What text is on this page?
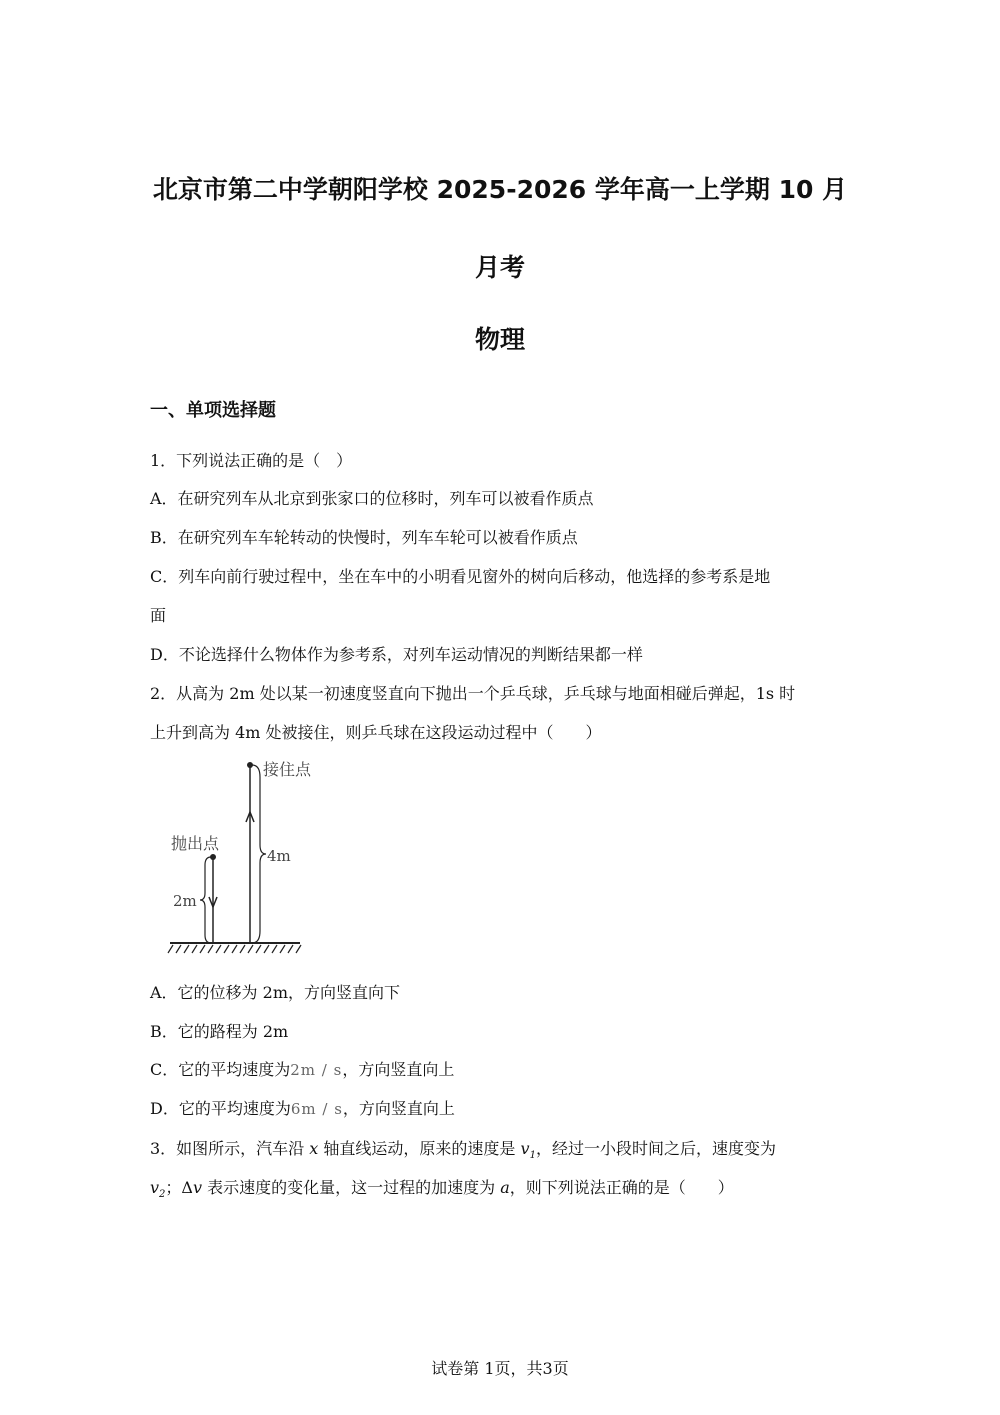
北京市第二中学朝阳学校 2025-2026 学年高一上学期 10 月
月考
物理
一、单项选择题
1．下列说法正确的是（　）
A．在研究列车从北京到张家口的位移时，列车可以被看作质点
B．在研究列车车轮转动的快慢时，列车车轮可以被看作质点
C．列车向前行驶过程中，坐在车中的小明看见窗外的树向后移动，他选择的参考系是地
面
D．不论选择什么物体作为参考系，对列车运动情况的判断结果都一样
2．从高为 2m 处以某一初速度竖直向下抛出一个乒乓球，乒乓球与地面相碰后弹起，1s 时
上升到高为 4m 处被接住，则乒乓球在这段运动过程中（　　）
接住点
抛出点
4m
2m
A．它的位移为 2m，方向竖直向下
B．它的路程为 2m
C．它的平均速度为2m / s，方向竖直向上
D．它的平均速度为6m / s，方向竖直向上
3．如图所示，汽车沿 x 轴直线运动，原来的速度是 $v_1$，经过一小段时间之后，速度变为
$v_2$；Δv 表示速度的变化量，这一过程的加速度为 a，则下列说法正确的是（　　）
试卷第 1页，共3页
